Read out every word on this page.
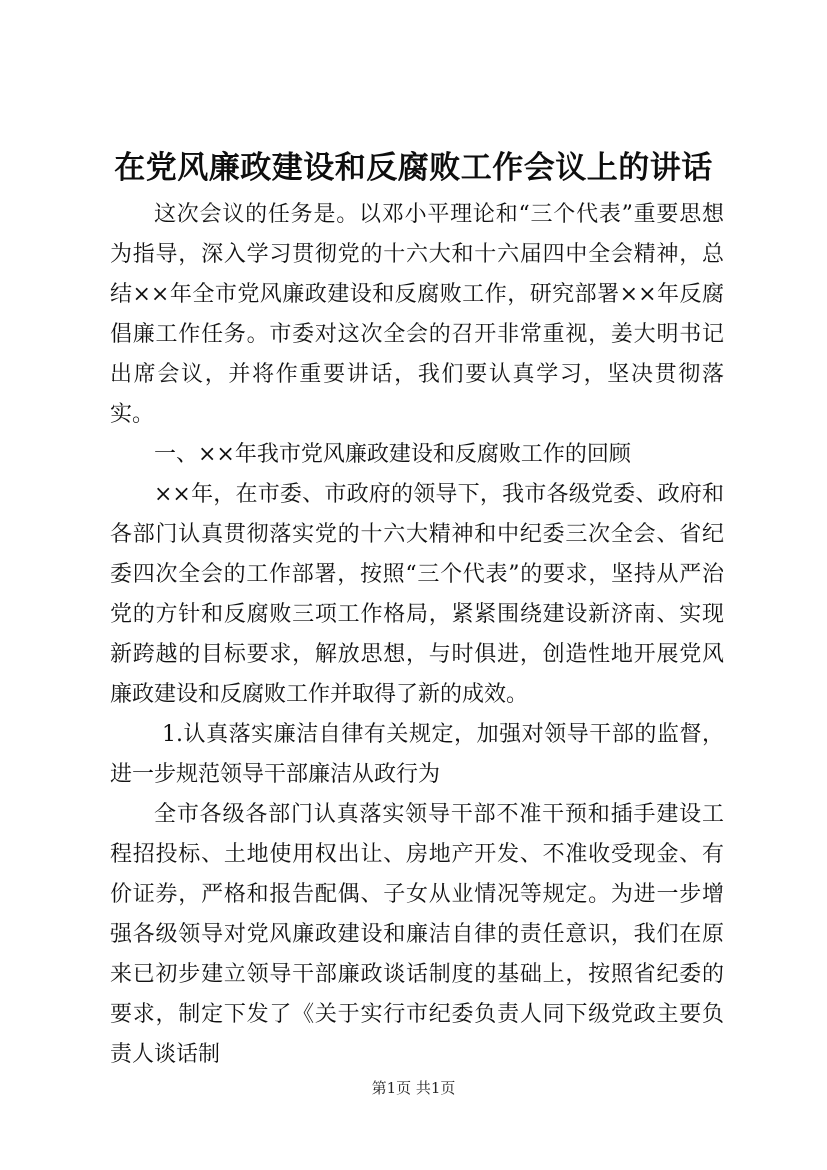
在党风廉政建设和反腐败工作会议上的讲话

这次会议的任务是。以邓小平理论和“三个代表”重要思想为指导，深入学习贯彻党的十六大和十六届四中全会精神，总结××年全市党风廉政建设和反腐败工作，研究部署××年反腐倡廉工作任务。市委对这次全会的召开非常重视，姜大明书记出席会议，并将作重要讲话，我们要认真学习，坚决贯彻落实。

一、××年我市党风廉政建设和反腐败工作的回顾

××年，在市委、市政府的领导下，我市各级党委、政府和各部门认真贯彻落实党的十六大精神和中纪委三次全会、省纪委四次全会的工作部署，按照“三个代表”的要求，坚持从严治党的方针和反腐败三项工作格局，紧紧围绕建设新济南、实现新跨越的目标要求，解放思想，与时俱进，创造性地开展党风廉政建设和反腐败工作并取得了新的成效。

1.认真落实廉洁自律有关规定，加强对领导干部的监督，进一步规范领导干部廉洁从政行为

全市各级各部门认真落实领导干部不准干预和插手建设工程招投标、土地使用权出让、房地产开发、不准收受现金、有价证券，严格和报告配偶、子女从业情况等规定。为进一步增强各级领导对党风廉政建设和廉洁自律的责任意识，我们在原来已初步建立领导干部廉政谈话制度的基础上，按照省纪委的要求，制定下发了《关于实行市纪委负责人同下级党政主要负责人谈话制

第1页 共1页
